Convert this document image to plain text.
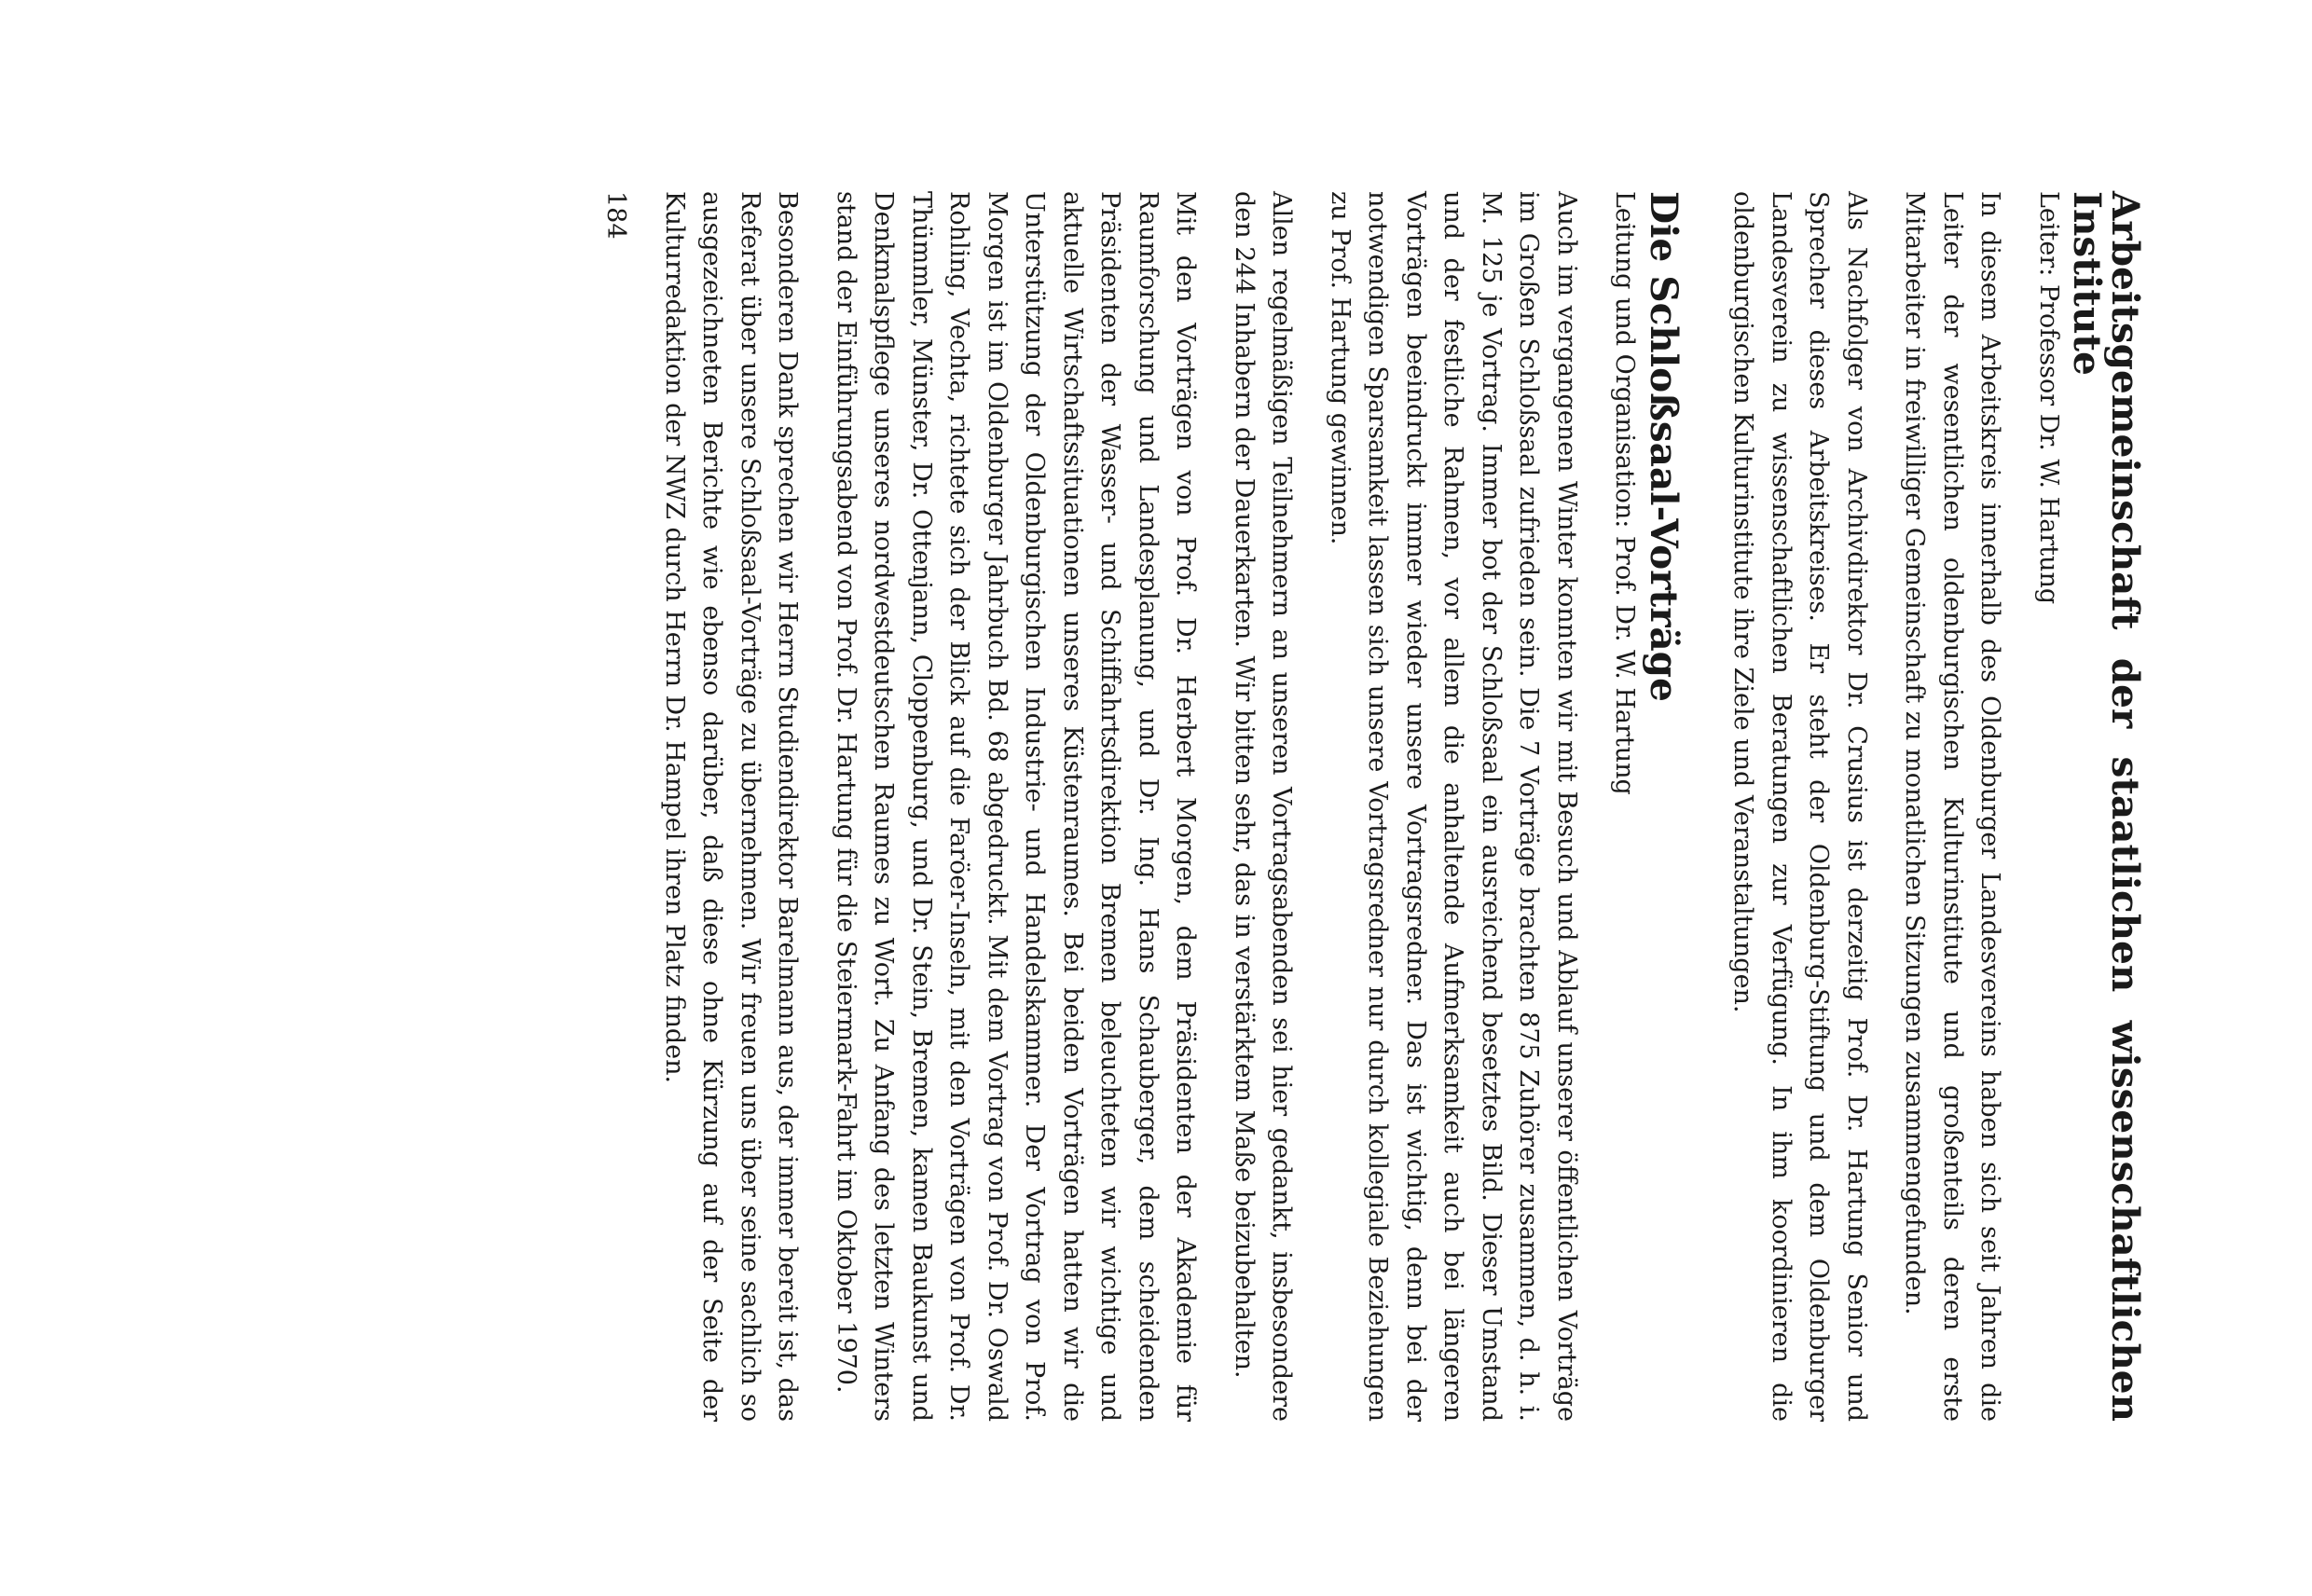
Arbeitsgemeinschaft der staatlichen wissenschaftlichen Institute

Leiter: Professor Dr. W. Hartung

In diesem Arbeitskreis innerhalb des Oldenburger Landesvereins haben sich seit Jahren die Leiter der wesentlichen oldenburgischen Kulturinstitute und großenteils deren erste Mitarbeiter in freiwilliger Gemeinschaft zu monatlichen Sitzungen zusammengefunden.

Als Nachfolger von Archivdirektor Dr. Crusius ist derzeitig Prof. Dr. Hartung Senior und Sprecher dieses Arbeitskreises. Er steht der Oldenburg-Stiftung und dem Oldenburger Landesverein zu wissenschaftlichen Beratungen zur Verfügung. In ihm koordinieren die oldenburgischen Kulturinstitute ihre Ziele und Veranstaltungen.

Die Schloßsaal-Vorträge

Leitung und Organisation: Prof. Dr. W. Hartung

Auch im vergangenen Winter konnten wir mit Besuch und Ablauf unserer öffentlichen Vorträge im Großen Schloßsaal zufrieden sein. Die 7 Vorträge brachten 875 Zuhörer zusammen, d. h. i. M. 125 je Vortrag. Immer bot der Schloßsaal ein ausreichend besetztes Bild. Dieser Umstand und der festliche Rahmen, vor allem die anhaltende Aufmerksamkeit auch bei längeren Vorträgen beeindruckt immer wieder unsere Vortragsredner. Das ist wichtig, denn bei der notwendigen Sparsamkeit lassen sich unsere Vortragsredner nur durch kollegiale Beziehungen zu Prof. Hartung gewinnen.

Allen regelmäßigen Teilnehmern an unseren Vortragsabenden sei hier gedankt, insbesondere den 244 Inhabern der Dauerkarten. Wir bitten sehr, das in verstärktem Maße beizubehalten.

Mit den Vorträgen von Prof. Dr. Herbert Morgen, dem Präsidenten der Akademie für Raumforschung und Landesplanung, und Dr. Ing. Hans Schauberger, dem scheidenden Präsidenten der Wasser- und Schiffahrtsdirektion Bremen beleuchteten wir wichtige und aktuelle Wirtschaftssituationen unseres Küstenraumes. Bei beiden Vorträgen hatten wir die Unterstützung der Oldenburgischen Industrie- und Handelskammer. Der Vortrag von Prof. Morgen ist im Oldenburger Jahrbuch Bd. 68 abgedruckt. Mit dem Vortrag von Prof. Dr. Oswald Rohling, Vechta, richtete sich der Blick auf die Faröer-Inseln, mit den Vorträgen von Prof. Dr. Thümmler, Münster, Dr. Ottenjann, Cloppenburg, und Dr. Stein, Bremen, kamen Baukunst und Denkmalspflege unseres nordwestdeutschen Raumes zu Wort. Zu Anfang des letzten Winters stand der Einführungsabend von Prof. Dr. Hartung für die Steiermark-Fahrt im Oktober 1970.

Besonderen Dank sprechen wir Herrn Studiendirektor Barelmann aus, der immer bereit ist, das Referat über unsere Schloßsaal-Vorträge zu übernehmen. Wir freuen uns über seine sachlich so ausgezeichneten Berichte wie ebenso darüber, daß diese ohne Kürzung auf der Seite der Kulturredaktion der NWZ durch Herrn Dr. Hampel ihren Platz finden.

184
